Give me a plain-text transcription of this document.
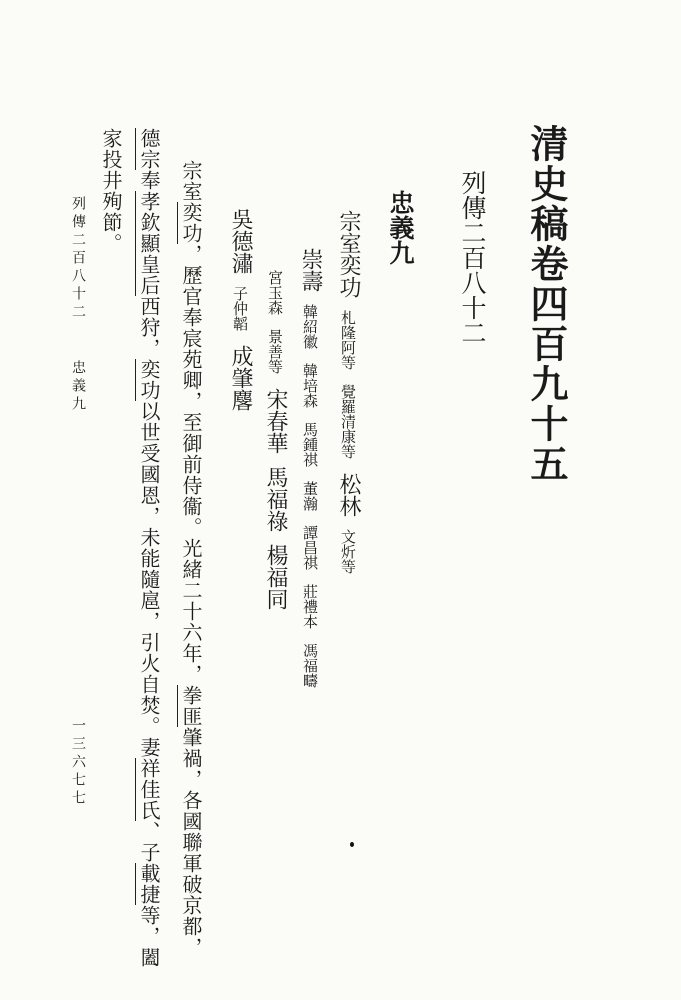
清史稿卷四百九十五
列傳二百八十二
忠義九
宗室奕功札隆阿等覺羅清康等松林文炘等
崇壽韓紹徽韓培森馬鍾祺董瀚譚昌祺莊禮本馮福疇
宮玉森景善等宋春華馬福祿楊福同
吳德潚子仲韜成肇麐
宗室奕功，歷官奉宸苑卿，至御前侍衞。光緒二十六年，拳匪肇禍，各國聯軍破京都，
德宗奉孝欽顯皇后西狩，奕功以世受國恩，未能隨扈，引火自焚。妻祥佳氏、子載捷等，闔
家投井殉節。
列傳二百八十二
忠義九
一三六七七
